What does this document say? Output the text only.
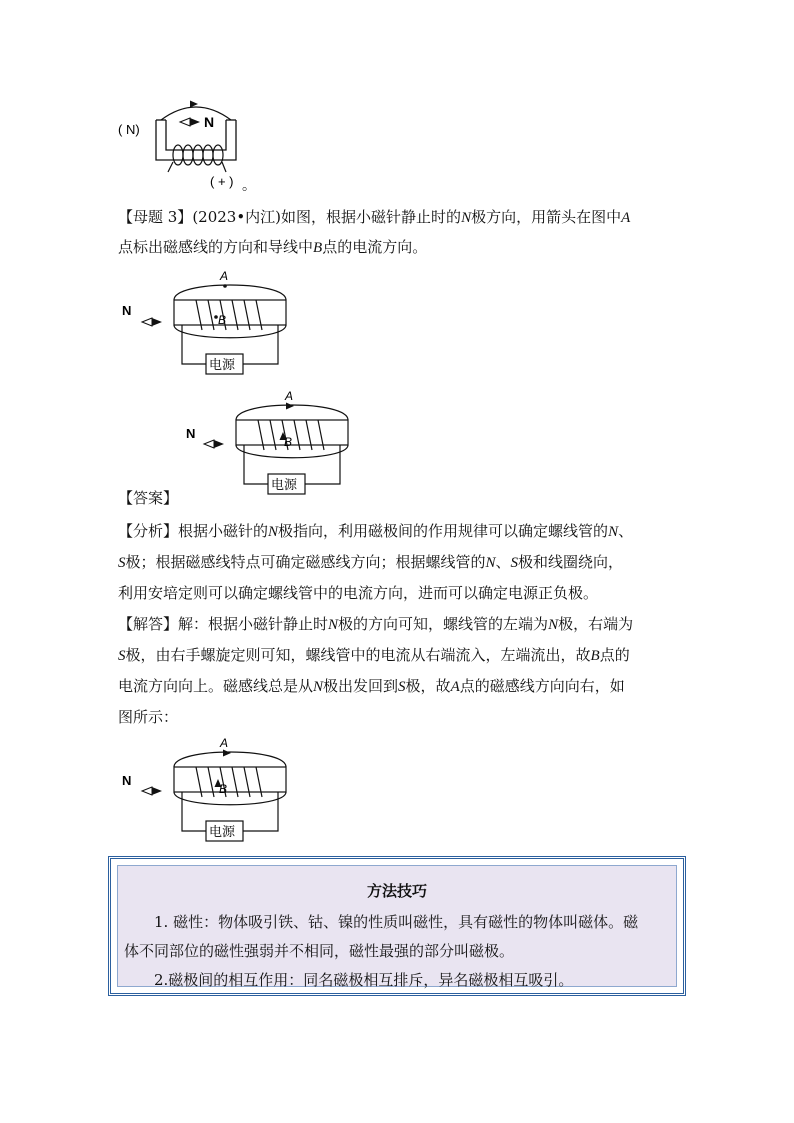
( N)	N
( + ) 。
【母题 3】(2023•内江)如图，根据小磁针静止时的N极方向，用箭头在图中A
点标出磁感线的方向和导线中B点的电流方向。
N
A
B
电源
N
A
B
电源
【答案】
【分析】根据小磁针的N极指向，利用磁极间的作用规律可以确定螺线管的N、
S极；根据磁感线特点可确定磁感线方向；根据螺线管的N、S极和线圈绕向，
利用安培定则可以确定螺线管中的电流方向，进而可以确定电源正负极。
【解答】解：根据小磁针静止时N极的方向可知，螺线管的左端为N极，右端为
S极，由右手螺旋定则可知，螺线管中的电流从右端流入，左端流出，故B点的
电流方向向上。磁感线总是从N极出发回到S极，故A点的磁感线方向向右，如
图所示：
N
A
B
电源
方法技巧
1. 磁性：物体吸引铁、钴、镍的性质叫磁性，具有磁性的物体叫磁体。磁
体不同部位的磁性强弱并不相同，磁性最强的部分叫磁极。
2.磁极间的相互作用：同名磁极相互排斥，异名磁极相互吸引。
